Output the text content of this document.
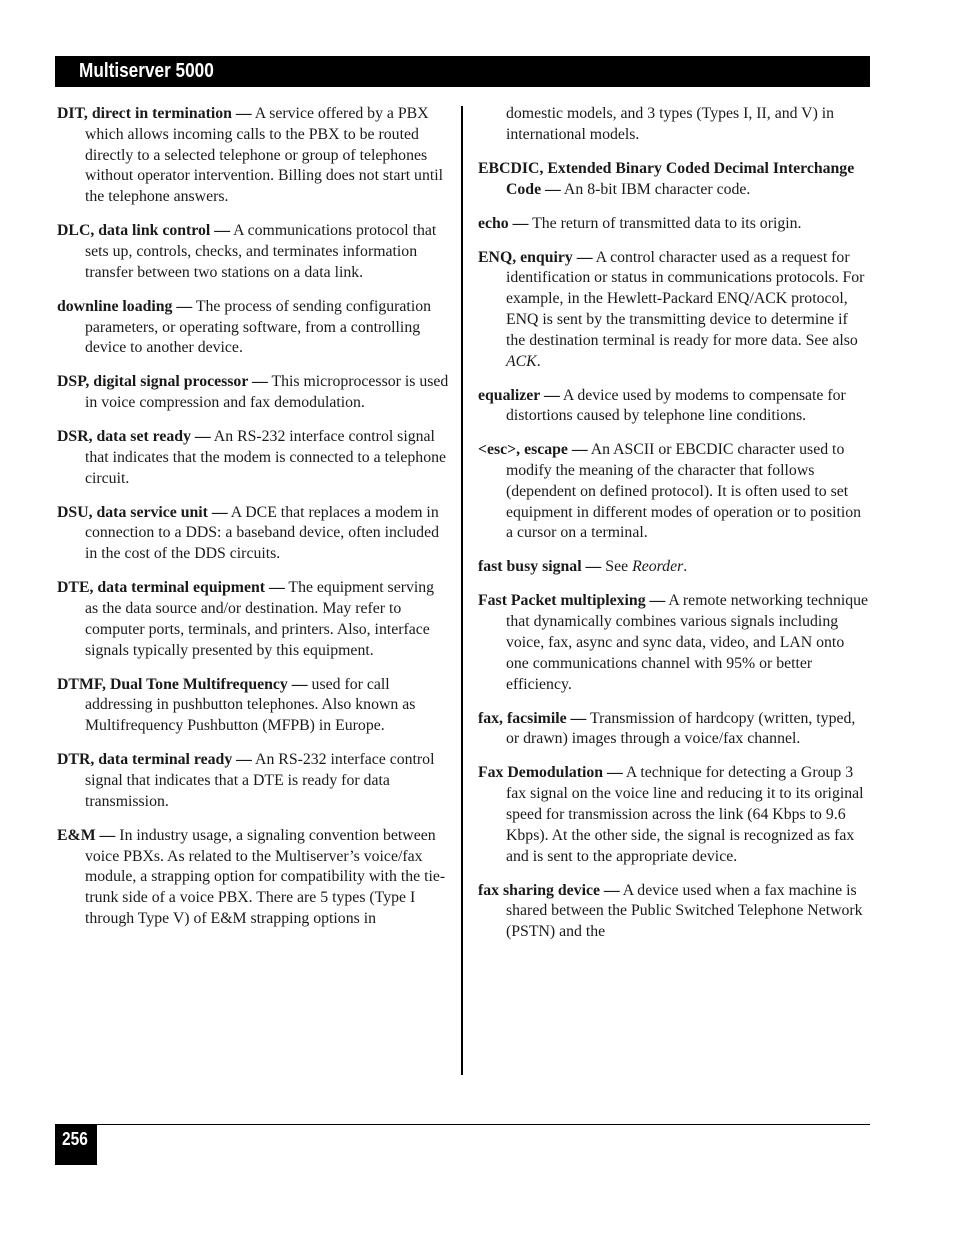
Multiserver 5000

DIT, direct in termination — A service offered by a PBX which allows incoming calls to the PBX to be routed directly to a selected telephone or group of telephones without operator intervention. Billing does not start until the telephone answers.

DLC, data link control — A communications protocol that sets up, controls, checks, and terminates information transfer between two stations on a data link.

downline loading — The process of sending configuration parameters, or operating software, from a controlling device to another device.

DSP, digital signal processor — This microprocessor is used in voice compression and fax demodulation.

DSR, data set ready — An RS-232 interface control signal that indicates that the modem is connected to a telephone circuit.

DSU, data service unit — A DCE that replaces a modem in connection to a DDS: a baseband device, often included in the cost of the DDS circuits.

DTE, data terminal equipment — The equipment serving as the data source and/or destination. May refer to computer ports, terminals, and printers. Also, interface signals typically presented by this equipment.

DTMF, Dual Tone Multifrequency — used for call addressing in pushbutton telephones. Also known as Multifrequency Pushbutton (MFPB) in Europe.

DTR, data terminal ready — An RS-232 interface control signal that indicates that a DTE is ready for data transmission.

E&M — In industry usage, a signaling convention between voice PBXs. As related to the Multiserver’s voice/fax module, a strapping option for compatibility with the tie-trunk side of a voice PBX. There are 5 types (Type I through Type V) of E&M strapping options in

domestic models, and 3 types (Types I, II, and V) in international models.

EBCDIC, Extended Binary Coded Decimal Interchange Code — An 8-bit IBM character code.

echo — The return of transmitted data to its origin.

ENQ, enquiry — A control character used as a request for identification or status in communications protocols. For example, in the Hewlett-Packard ENQ/ACK protocol, ENQ is sent by the transmitting device to determine if the destination terminal is ready for more data. See also ACK.

equalizer — A device used by modems to compensate for distortions caused by telephone line conditions.

<esc>, escape — An ASCII or EBCDIC character used to modify the meaning of the character that follows (dependent on defined protocol). It is often used to set equipment in different modes of operation or to position a cursor on a terminal.

fast busy signal — See Reorder.

Fast Packet multiplexing — A remote networking technique that dynamically combines various signals including voice, fax, async and sync data, video, and LAN onto one communications channel with 95% or better efficiency.

fax, facsimile — Transmission of hardcopy (written, typed, or drawn) images through a voice/fax channel.

Fax Demodulation — A technique for detecting a Group 3 fax signal on the voice line and reducing it to its original speed for transmission across the link (64 Kbps to 9.6 Kbps). At the other side, the signal is recognized as fax and is sent to the appropriate device.

fax sharing device — A device used when a fax machine is shared between the Public Switched Telephone Network (PSTN) and the

256
